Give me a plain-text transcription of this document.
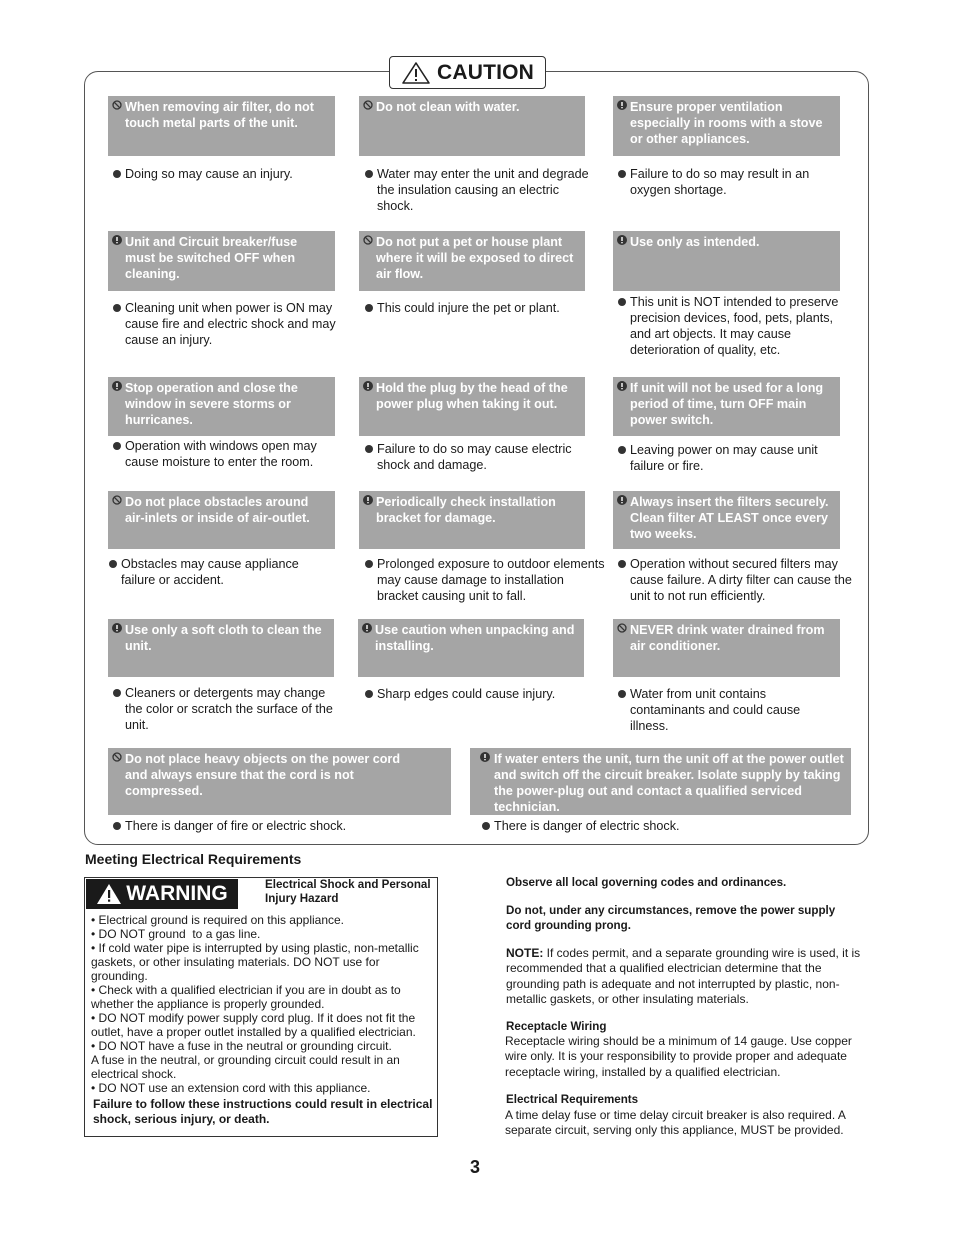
CAUTION
When removing air filter, do not touch metal parts of the unit.
Doing so may cause an injury.
Do not clean with water.
Water may enter the unit and degrade the insulation causing an electric shock.
Ensure proper ventilation especially in rooms with a stove or other appliances.
Failure to do so may result in an oxygen shortage.
Unit and Circuit breaker/fuse must be switched OFF when cleaning.
Cleaning unit when power is ON may cause fire and electric shock and may cause an injury.
Do not put a pet or house plant where it will be exposed to direct air flow.
This could injure the pet or plant.
Use only as intended.
This unit is NOT intended to preserve precision devices, food, pets, plants, and art objects. It may cause deterioration of quality, etc.
Stop operation and close the window in severe storms or hurricanes.
Operation with windows open may cause moisture to enter the room.
Hold the plug by the head of the power plug when taking it out.
Failure to do so may cause electric shock and damage.
If unit will not be used for a long period of time, turn OFF main power switch.
Leaving power on may cause unit failure or fire.
Do not place obstacles around air-inlets or inside of air-outlet.
Obstacles may cause appliance failure or accident.
Periodically check installation bracket for damage.
Prolonged exposure to outdoor elements may cause damage to installation bracket causing unit to fall.
Always insert the filters securely. Clean filter AT LEAST once every two weeks.
Operation without secured filters may cause failure. A dirty filter can cause the unit to not run efficiently.
Use only a soft cloth to clean the unit.
Cleaners or detergents may change the color or scratch the surface of the unit.
Use caution when unpacking and installing.
Sharp edges could cause injury.
NEVER drink water drained from air conditioner.
Water from unit contains contaminants and could cause illness.
Do not place heavy objects on the power cord and always ensure that the cord is not compressed.
There is danger of fire or electric shock.
If water enters the unit, turn the unit off at the power outlet and switch off the circuit breaker. Isolate supply by taking the power-plug out and contact a qualified serviced technician.
There is danger of electric shock.
Meeting Electrical Requirements
WARNING	Electrical Shock and Personal Injury Hazard
• Electrical ground is required on this appliance.
• DO NOT ground  to a gas line.
• If cold water pipe is interrupted by using plastic, non-metallic gaskets, or other insulating materials. DO NOT use for grounding.
• Check with a qualified electrician if you are in doubt as to whether the appliance is properly grounded.
• DO NOT modify power supply cord plug. If it does not fit the outlet, have a proper outlet installed by a qualified electrician.
• DO NOT have a fuse in the neutral or grounding circuit.
A fuse in the neutral, or grounding circuit could result in an electrical shock.
• DO NOT use an extension cord with this appliance.
Failure to follow these instructions could result in electrical shock, serious injury, or death.
Observe all local governing codes and ordinances.
Do not, under any circumstances, remove the power supply cord grounding prong.
NOTE: If codes permit, and a separate grounding wire is used, it is recommended that a qualified electrician determine that the grounding path is adequate and not interrupted by plastic, non-metallic gaskets, or other insulating materials.
Receptacle Wiring
Receptacle wiring should be a minimum of 14 gauge. Use copper wire only. It is your responsibility to provide proper and adequate receptacle wiring, installed by a qualified electrician.
Electrical Requirements
A time delay fuse or time delay circuit breaker is also required. A separate circuit, serving only this appliance, MUST be provided.
3
